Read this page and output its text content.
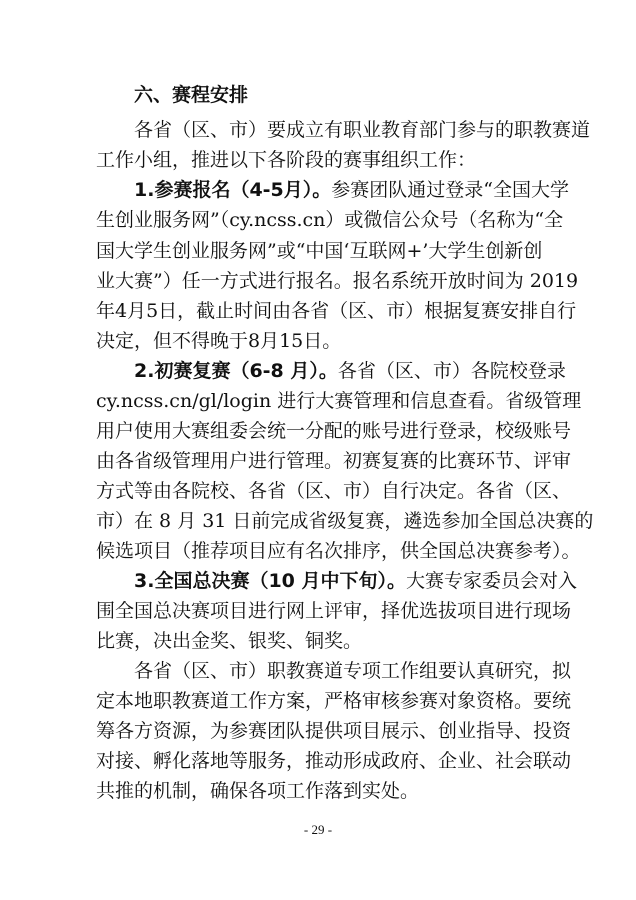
六、赛程安排
各省（区、市）要成立有职业教育部门参与的职教赛道
工作小组，推进以下各阶段的赛事组织工作：
1.参赛报名（4-5月）。参赛团队通过登录“全国大学
生创业服务网”（cy.ncss.cn）或微信公众号（名称为“全
国大学生创业服务网”或“中国‘互联网+’大学生创新创
业大赛”）任一方式进行报名。报名系统开放时间为 2019
年4月5日，截止时间由各省（区、市）根据复赛安排自行
决定，但不得晚于8月15日。
2.初赛复赛（6-8 月）。各省（区、市）各院校登录
cy.ncss.cn/gl/login 进行大赛管理和信息查看。省级管理
用户使用大赛组委会统一分配的账号进行登录，校级账号
由各省级管理用户进行管理。初赛复赛的比赛环节、评审
方式等由各院校、各省（区、市）自行决定。各省（区、
市）在 8 月 31 日前完成省级复赛，遴选参加全国总决赛的
候选项目（推荐项目应有名次排序，供全国总决赛参考）。
3.全国总决赛（10 月中下旬）。大赛专家委员会对入
围全国总决赛项目进行网上评审，择优选拔项目进行现场
比赛，决出金奖、银奖、铜奖。
各省（区、市）职教赛道专项工作组要认真研究，拟
定本地职教赛道工作方案，严格审核参赛对象资格。要统
筹各方资源，为参赛团队提供项目展示、创业指导、投资
对接、孵化落地等服务，推动形成政府、企业、社会联动
共推的机制，确保各项工作落到实处。
- 29 -
